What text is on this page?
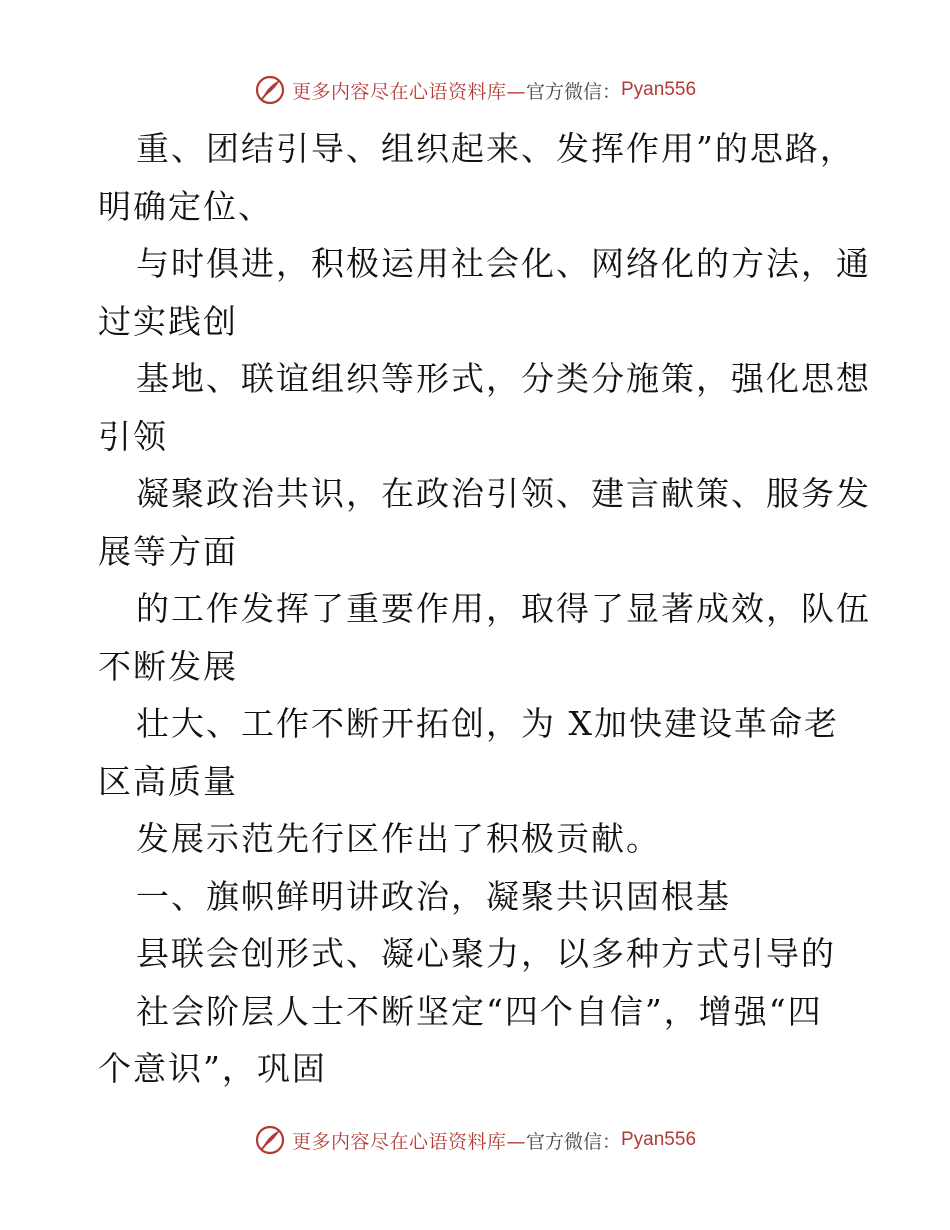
更多内容尽在心语资料库— 官方微信： Pyan556
重、团结引导、组织起来、发挥作用”的思路，
明确定位、
与时俱进，积极运用社会化、网络化的方法，通
过实践创
基地、联谊组织等形式，分类分施策，强化思想
引领
凝聚政治共识，在政治引领、建言献策、服务发
展等方面
的工作发挥了重要作用，取得了显著成效，队伍
不断发展
壮大、工作不断开拓创，为 X加快建设革命老
区高质量
发展示范先行区作出了积极贡献。
一、旗帜鲜明讲政治，凝聚共识固根基
县联会创形式、凝心聚力，以多种方式引导的
社会阶层人士不断坚定“四个自信”，增强“四
个意识”，巩固
更多内容尽在心语资料库— 官方微信： Pyan556
